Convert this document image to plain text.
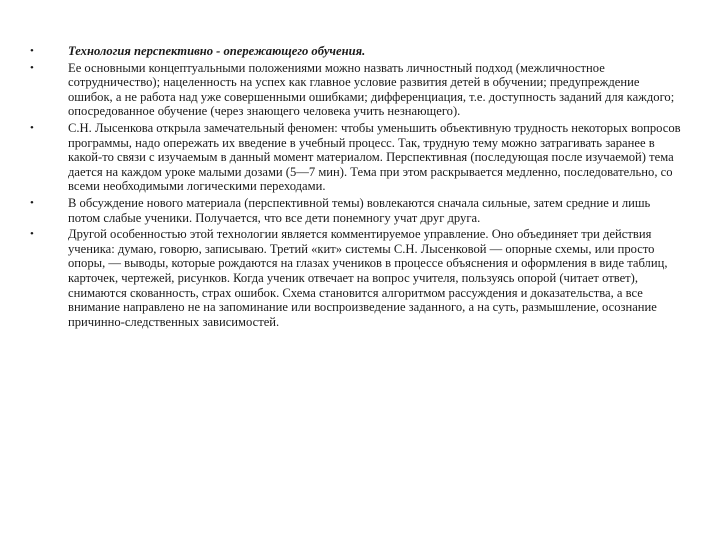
•	Технология перспективно - опережающего обучения.
•	Ее основными концептуальными положениями можно назвать личностный подход (межличностное сотрудничество); нацеленность на успех как главное условие развития детей в обучении; предупреждение ошибок, а не работа над уже совершенными ошибками; дифференциация, т.е. доступность заданий для каждого; опосредованное обучение (через знающего человека учить незнающего).
•	С.Н. Лысенкова открыла замечательный феномен: чтобы уменьшить объективную трудность некоторых вопросов программы, надо опережать их введение в учебный процесс. Так, трудную тему можно затрагивать заранее в какой-то связи с изучаемым в данный момент материалом. Перспективная (последующая после изучаемой) тема дается на каждом уроке малыми дозами (5—7 мин). Тема при этом раскрывается медленно, последовательно, со всеми необходимыми логическими переходами.
•	В обсуждение нового материала (перспективной темы) вовлекаются сначала сильные, затем средние и лишь потом слабые ученики. Получается, что все дети понемногу учат друг друга.
•	Другой особенностью этой технологии является комментируемое управление. Оно объединяет три действия ученика: думаю, говорю, записываю. Третий «кит» системы С.Н. Лысенковой — опорные схемы, или просто опоры, — выводы, которые рождаются на глазах учеников в процессе объяснения и оформления в виде таблиц, карточек, чертежей, рисунков. Когда ученик отвечает на вопрос учителя, пользуясь опорой (читает ответ), снимаются скованность, страх ошибок. Схема становится алгоритмом рассуждения и доказательства, а все внимание направлено не на запоминание или воспроизведение заданного, а на суть, размышление, осознание причинно-следственных зависимостей.
